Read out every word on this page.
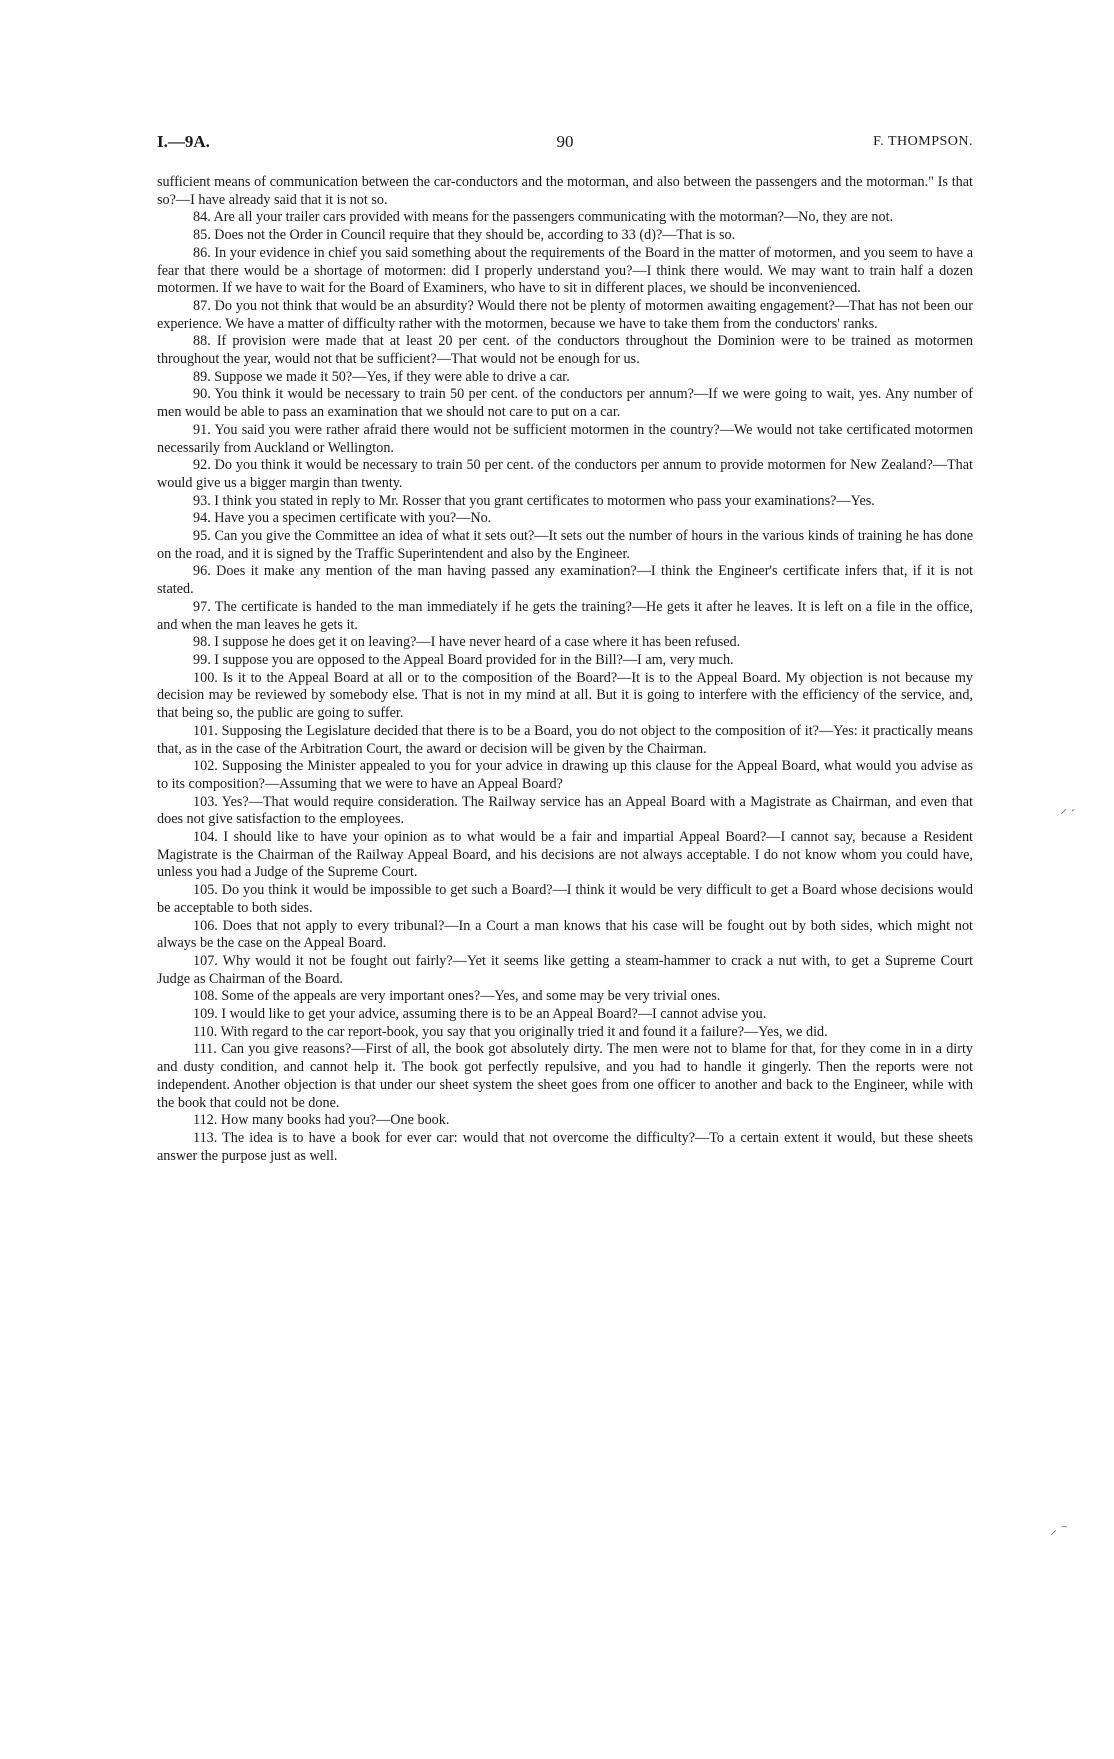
I.—9A.	90	F. THOMPSON.

sufficient means of communication between the car-conductors and the motorman, and also between the passengers and the motorman." Is that so?—I have already said that it is not so.

84. Are all your trailer cars provided with means for the passengers communicating with the motorman?—No, they are not.

85. Does not the Order in Council require that they should be, according to 33 (d)?—That is so.

86. In your evidence in chief you said something about the requirements of the Board in the matter of motormen, and you seem to have a fear that there would be a shortage of motormen: did I properly understand you?—I think there would. We may want to train half a dozen motormen. If we have to wait for the Board of Examiners, who have to sit in different places, we should be inconvenienced.

87. Do you not think that would be an absurdity? Would there not be plenty of motormen awaiting engagement?—That has not been our experience. We have a matter of difficulty rather with the motormen, because we have to take them from the conductors' ranks.

88. If provision were made that at least 20 per cent. of the conductors throughout the Dominion were to be trained as motormen throughout the year, would not that be sufficient?—That would not be enough for us.

89. Suppose we made it 50?—Yes, if they were able to drive a car.

90. You think it would be necessary to train 50 per cent. of the conductors per annum?—If we were going to wait, yes. Any number of men would be able to pass an examination that we should not care to put on a car.

91. You said you were rather afraid there would not be sufficient motormen in the country?—We would not take certificated motormen necessarily from Auckland or Wellington.

92. Do you think it would be necessary to train 50 per cent. of the conductors per annum to provide motormen for New Zealand?—That would give us a bigger margin than twenty.

93. I think you stated in reply to Mr. Rosser that you grant certificates to motormen who pass your examinations?—Yes.

94. Have you a specimen certificate with you?—No.

95. Can you give the Committee an idea of what it sets out?—It sets out the number of hours in the various kinds of training he has done on the road, and it is signed by the Traffic Superintendent and also by the Engineer.

96. Does it make any mention of the man having passed any examination?—I think the Engineer's certificate infers that, if it is not stated.

97. The certificate is handed to the man immediately if he gets the training?—He gets it after he leaves. It is left on a file in the office, and when the man leaves he gets it.

98. I suppose he does get it on leaving?—I have never heard of a case where it has been refused.

99. I suppose you are opposed to the Appeal Board provided for in the Bill?—I am, very much.

100. Is it to the Appeal Board at all or to the composition of the Board?—It is to the Appeal Board. My objection is not because my decision may be reviewed by somebody else. That is not in my mind at all. But it is going to interfere with the efficiency of the service, and, that being so, the public are going to suffer.

101. Supposing the Legislature decided that there is to be a Board, you do not object to the composition of it?—Yes: it practically means that, as in the case of the Arbitration Court, the award or decision will be given by the Chairman.

102. Supposing the Minister appealed to you for your advice in drawing up this clause for the Appeal Board, what would you advise as to its composition?—Assuming that we were to have an Appeal Board?

103. Yes?—That would require consideration. The Railway service has an Appeal Board with a Magistrate as Chairman, and even that does not give satisfaction to the employees.

104. I should like to have your opinion as to what would be a fair and impartial Appeal Board?—I cannot say, because a Resident Magistrate is the Chairman of the Railway Appeal Board, and his decisions are not always acceptable. I do not know whom you could have, unless you had a Judge of the Supreme Court.

105. Do you think it would be impossible to get such a Board?—I think it would be very difficult to get a Board whose decisions would be acceptable to both sides.

106. Does that not apply to every tribunal?—In a Court a man knows that his case will be fought out by both sides, which might not always be the case on the Appeal Board.

107. Why would it not be fought out fairly?—Yet it seems like getting a steam-hammer to crack a nut with, to get a Supreme Court Judge as Chairman of the Board.

108. Some of the appeals are very important ones?—Yes, and some may be very trivial ones.

109. I would like to get your advice, assuming there is to be an Appeal Board?—I cannot advise you.

110. With regard to the car report-book, you say that you originally tried it and found it a failure?—Yes, we did.

111. Can you give reasons?—First of all, the book got absolutely dirty. The men were not to blame for that, for they come in in a dirty and dusty condition, and cannot help it. The book got perfectly repulsive, and you had to handle it gingerly. Then the reports were not independent. Another objection is that under our sheet system the sheet goes from one officer to another and back to the Engineer, while with the book that could not be done.

112. How many books had you?—One book.

113. The idea is to have a book for ever car: would that not overcome the difficulty?—To a certain extent it would, but these sheets answer the purpose just as well.

⸍ ´
⸝ ⁻
